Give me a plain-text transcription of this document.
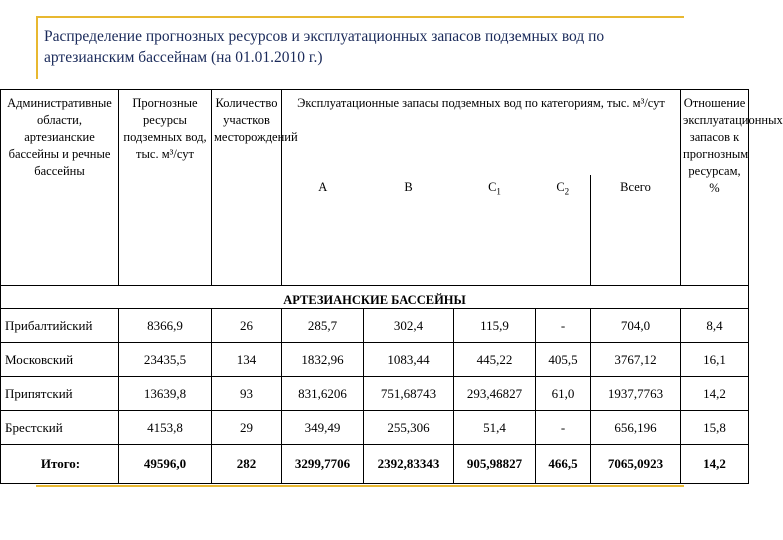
Распределение прогнозных ресурсов и эксплуатационных запасов подземных вод по артезианским бассейнам (на 01.01.2010 г.)
Административные области, артезианские бассейны и речные бассейны	Прогнозные ресурсы подземных вод, тыс. м³/сут	Количество участков месторождений	Эксплуатационные запасы подземных вод по категориям, тыс. м³/сут					Отношение эксплуатационных запасов к прогнозным ресурсам, %
			А	В	$С_1$	$С_2$	Всего	
АРТЕЗИАНСКИЕ БАССЕЙНЫ								
Прибалтийский	8366,9	26	285,7	302,4	115,9	-	704,0	8,4
Московский	23435,5	134	1832,96	1083,44	445,22	405,5	3767,12	16,1
Припятский	13639,8	93	831,6206	751,68743	293,46827	61,0	1937,7763	14,2
Брестский	4153,8	29	349,49	255,306	51,4	-	656,196	15,8
Итого:	49596,0	282	3299,7706	2392,83343	905,98827	466,5	7065,0923	14,2
